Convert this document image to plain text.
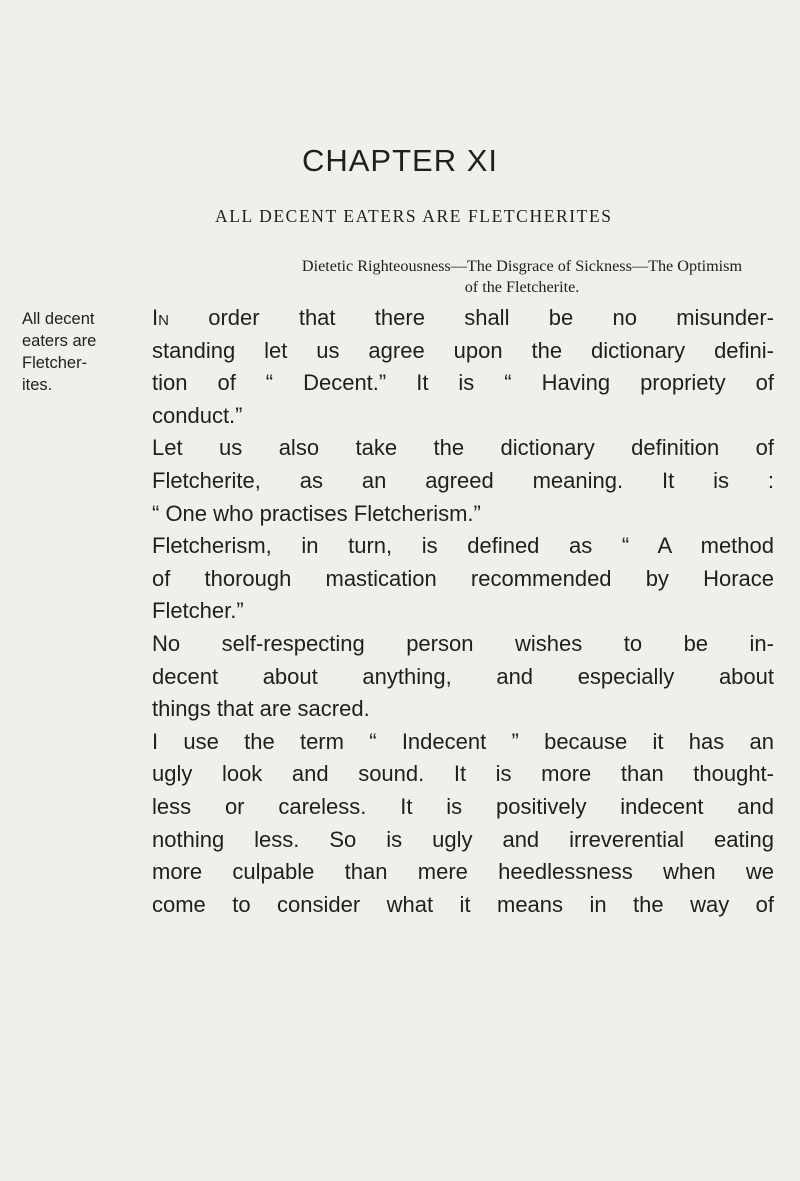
CHAPTER XI
ALL DECENT EATERS ARE FLETCHERITES
Dietetic Righteousness—The Disgrace of Sickness—The Optimism
of the Fletcherite.
All decent
eaters are
Fletcher-
ites.
In order that there shall be no misunder-
standing let us agree upon the dictionary defini-
tion of “ Decent.” It is “ Having propriety of
conduct.”
Let us also take the dictionary definition of
Fletcherite, as an agreed meaning. It is :
“ One who practises Fletcherism.”
Fletcherism, in turn, is defined as “ A method
of thorough mastication recommended by Horace
Fletcher.”
No self-respecting person wishes to be in-
decent about anything, and especially about
things that are sacred.
I use the term “ Indecent ” because it has an
ugly look and sound. It is more than thought-
less or careless. It is positively indecent and
nothing less. So is ugly and irreverential eating
more culpable than mere heedlessness when we
come to consider what it means in the way of
